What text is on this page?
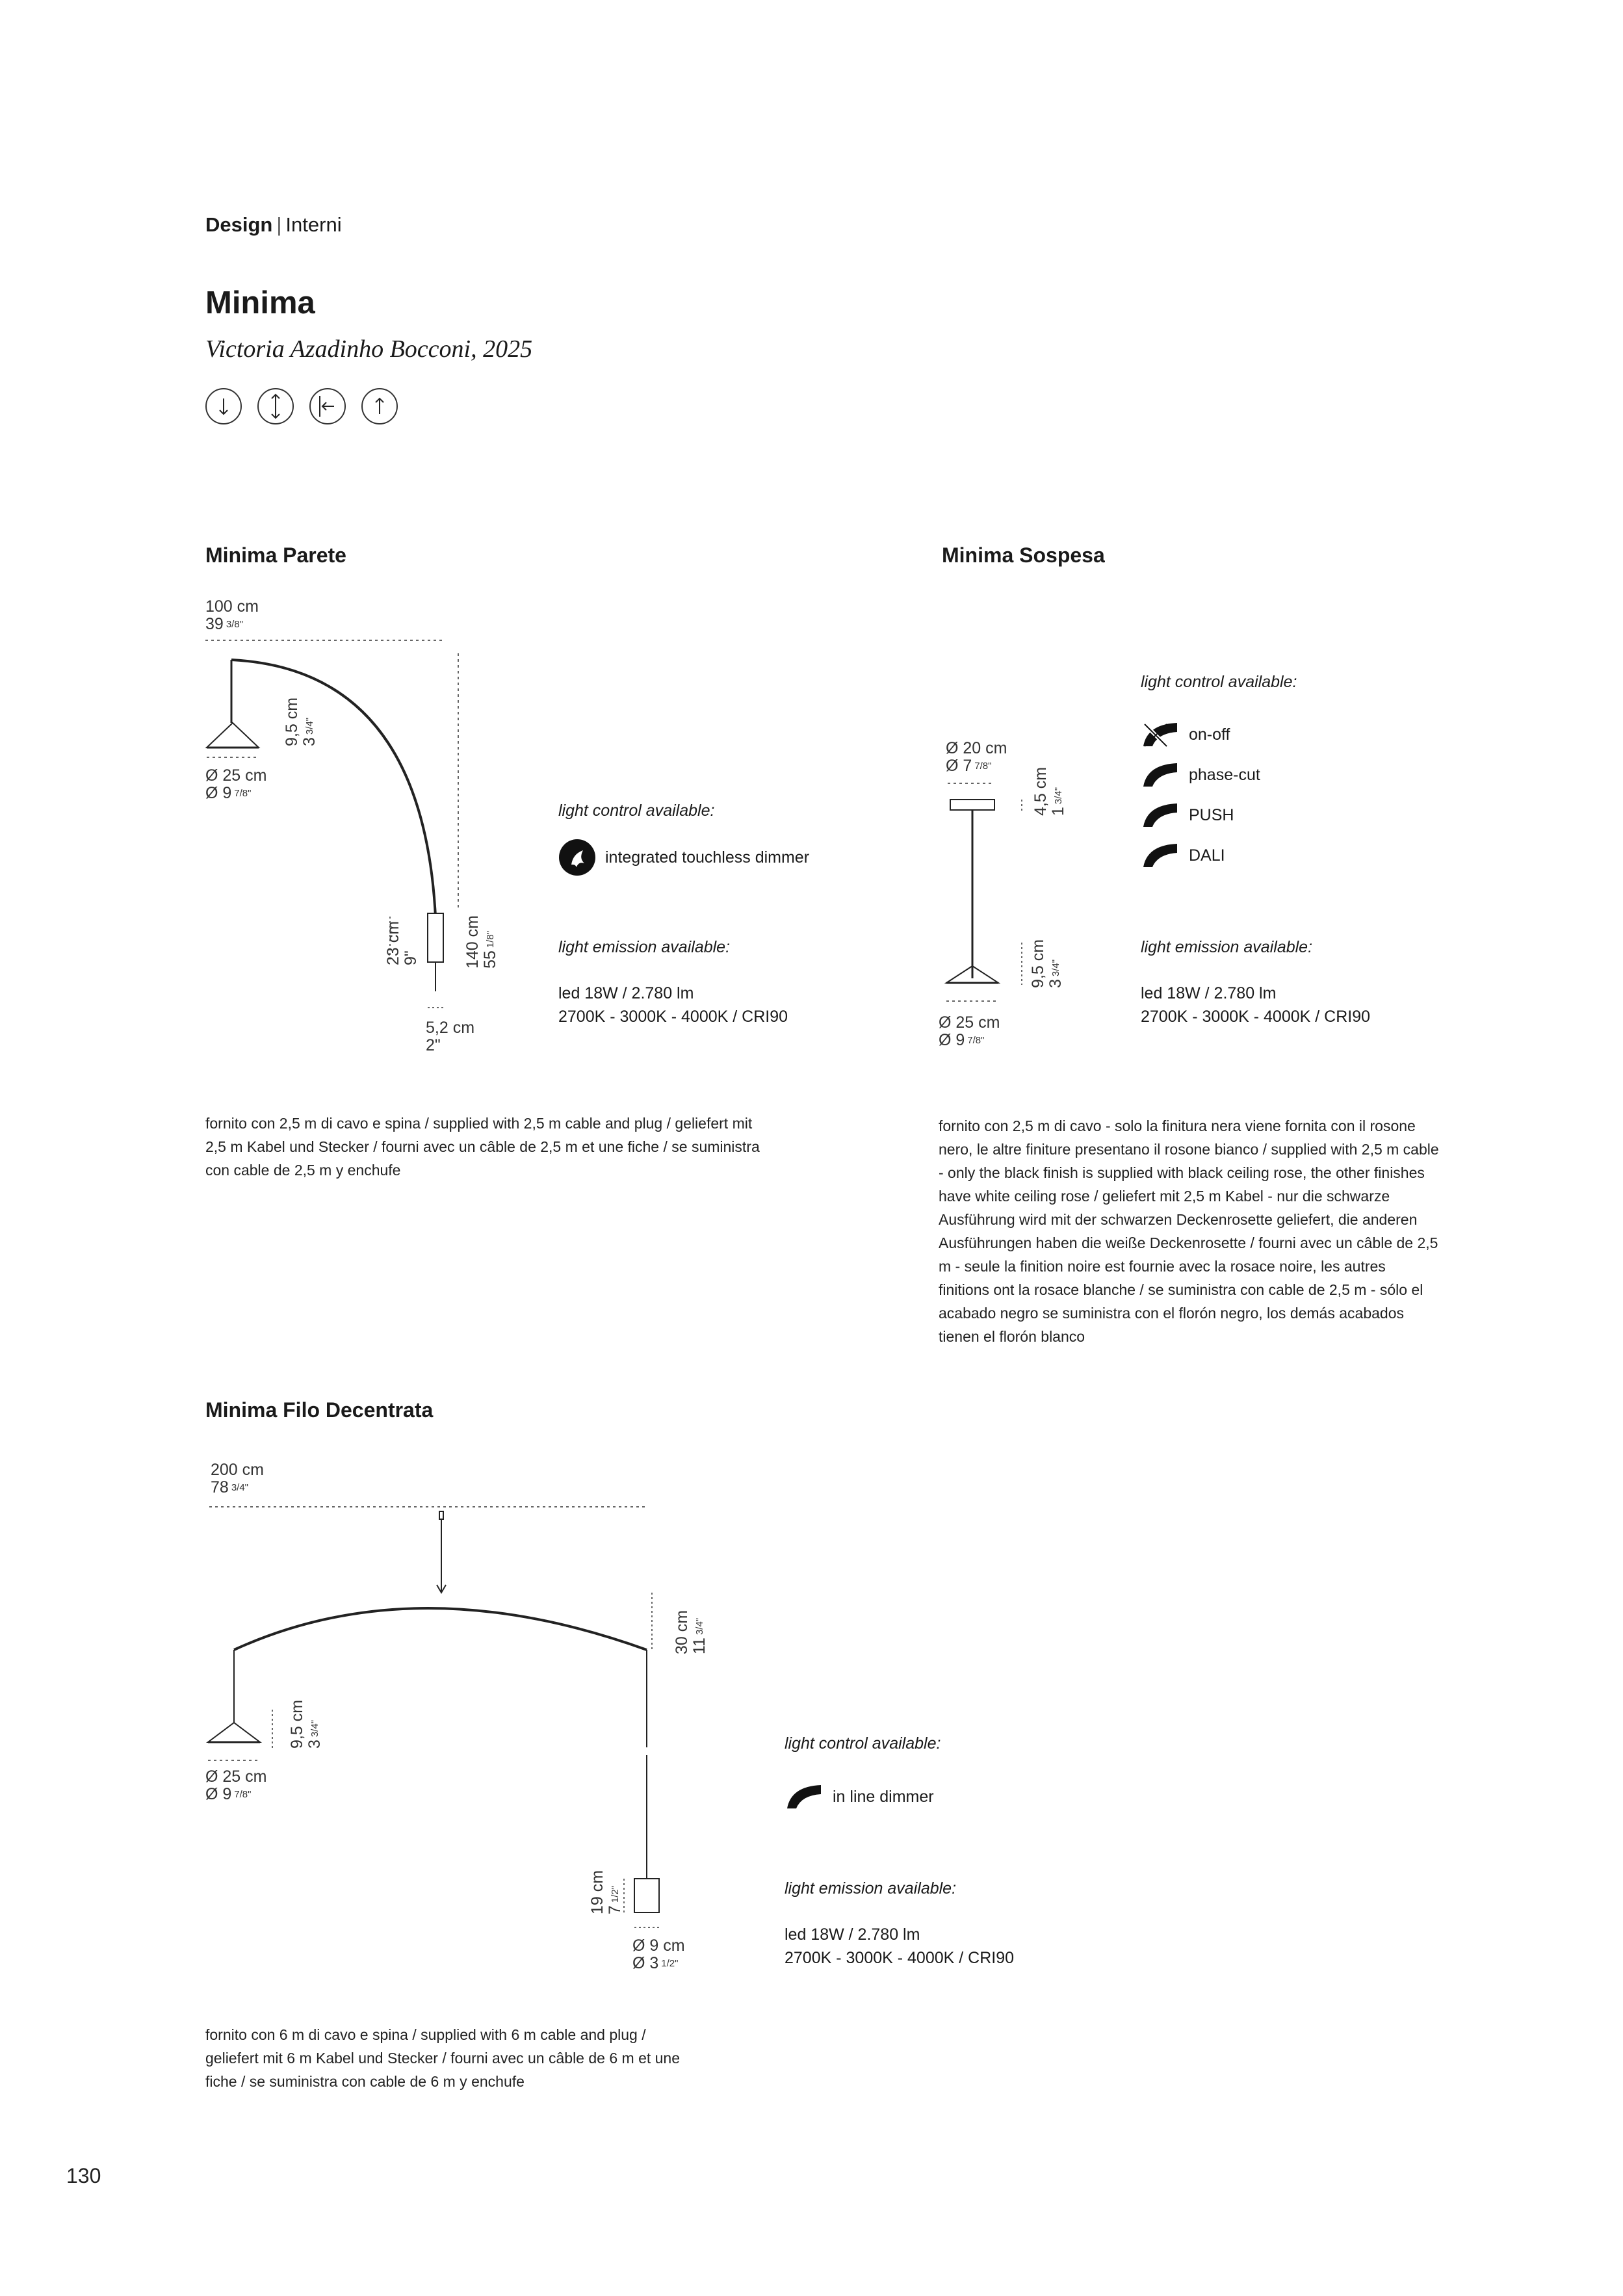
Design | Interni
Minima
Victoria Azadinho Bocconi, 2025
Minima Parete
100 cm
39 $^{3/8"}$
9,5 cm $3^{3/4"}$
Ø 25 cm
Ø 9 $^{7/8"}$
23 cm 9"	140 cm $55^{1/8"}$
5,2 cm
2"
light control available:
integrated touchless dimmer
light emission available:
led 18W / 2.780 lm
2700K - 3000K - 4000K / CRI90
fornito con 2,5 m di cavo e spina / supplied with 2,5 m cable and plug / geliefert mit 2,5 m Kabel und Stecker / fourni avec un câble de 2,5 m et une fiche / se suministra con cable de 2,5 m y enchufe
Minima Sospesa
Ø 20 cm
Ø 7 $^{7/8"}$
4,5 cm $1^{3/4"}$
9,5 cm $3^{3/4"}$
Ø 25 cm
Ø 9 $^{7/8"}$
light control available:
on-off
phase-cut
PUSH
DALI
light emission available:
led 18W / 2.780 lm
2700K - 3000K - 4000K / CRI90
fornito con 2,5 m di cavo - solo la finitura nera viene fornita con il rosone nero, le altre finiture presentano il rosone bianco / supplied with 2,5 m cable - only the black finish is supplied with black ceiling rose, the other finishes have white ceiling rose / geliefert mit 2,5 m Kabel - nur die schwarze Ausführung wird mit der schwarzen Deckenrosette geliefert, die anderen Ausführungen haben die weiße Deckenrosette / fourni avec un câble de 2,5 m - seule la finition noire est fournie avec la rosace noire, les autres finitions ont la rosace blanche / se suministra con cable de 2,5 m - sólo el acabado negro se suministra con el florón negro, los demás acabados tienen el florón blanco
Minima Filo Decentrata
200 cm
78 $^{3/4"}$
30 cm $11^{3/4"}$
9,5 cm $3^{3/4"}$
Ø 25 cm
Ø 9 $^{7/8"}$
19 cm $7^{1/2"}$
Ø 9 cm
Ø 3 $^{1/2"}$
light control available:
in line dimmer
light emission available:
led 18W / 2.780 lm
2700K - 3000K - 4000K / CRI90
fornito con 6 m di cavo e spina / supplied with 6 m cable and plug / geliefert mit 6 m Kabel und Stecker / fourni avec un câble de 6 m et une fiche / se suministra con cable de 6 m y enchufe
130
